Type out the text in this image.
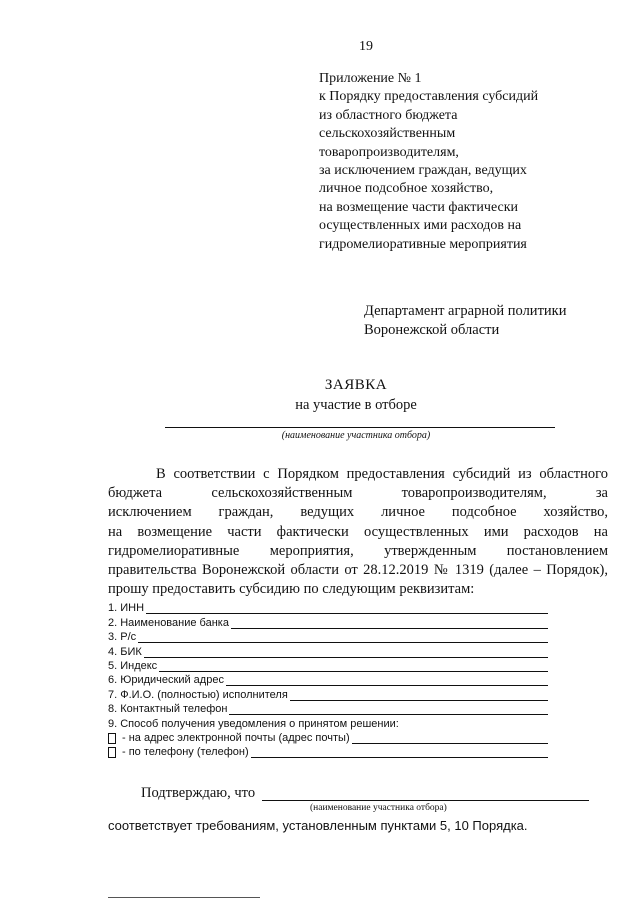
19
Приложение № 1
к Порядку предоставления субсидий
из областного бюджета
сельскохозяйственным
товаропроизводителям,
за исключением граждан, ведущих
личное подсобное хозяйство,
на возмещение части фактически
осуществленных ими расходов на
гидромелиоративные мероприятия
Департамент аграрной политики
Воронежской области
ЗАЯВКА
на участие в отборе
(наименование участника отбора)
В соответствии с Порядком предоставления субсидий из областного
бюджета сельскохозяйственным товаропроизводителям, за
исключением граждан, ведущих личное подсобное хозяйство,
на возмещение части фактически осуществленных ими расходов на
гидромелиоративные мероприятия, утвержденным постановлением
правительства Воронежской области от 28.12.2019 № 1319 (далее – Порядок),
прошу предоставить субсидию по следующим реквизитам:
1. ИНН
2. Наименование банка
3. Р/с
4. БИК
5. Индекс
6. Юридический адрес
7. Ф.И.О. (полностью) исполнителя
8. Контактный телефон
9. Способ получения уведомления о принятом решении:
- на адрес электронной почты (адрес почты)
- по телефону (телефон)
Подтверждаю, что
(наименование участника отбора)
соответствует требованиям, установленным пунктами 5, 10 Порядка.
